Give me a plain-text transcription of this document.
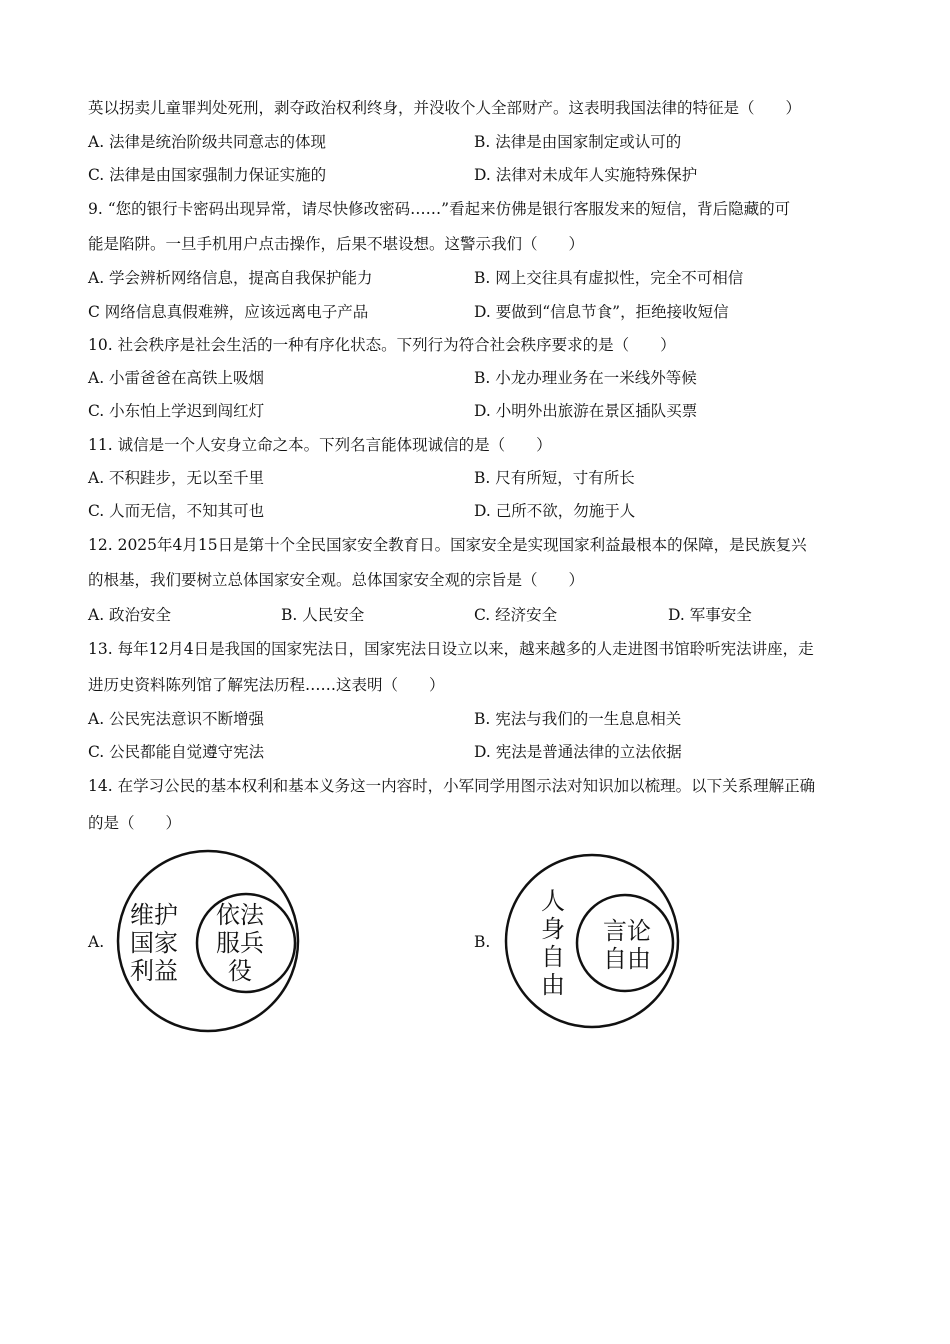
英以拐卖儿童罪判处死刑，剥夺政治权利终身，并没收个人全部财产。这表明我国法律的特征是（　　）
A. 法律是统治阶级共同意志的体现	B. 法律是由国家制定或认可的
C. 法律是由国家强制力保证实施的	D. 法律对未成年人实施特殊保护
9. “您的银行卡密码出现异常，请尽快修改密码……”看起来仿佛是银行客服发来的短信，背后隐藏的可
能是陷阱。一旦手机用户点击操作，后果不堪设想。这警示我们（　　）
A. 学会辨析网络信息，提高自我保护能力	B. 网上交往具有虚拟性，完全不可相信
C 网络信息真假难辨，应该远离电子产品	D. 要做到“信息节食”，拒绝接收短信
10. 社会秩序是社会生活的一种有序化状态。下列行为符合社会秩序要求的是（　　）
A. 小雷爸爸在高铁上吸烟	B. 小龙办理业务在一米线外等候
C. 小东怕上学迟到闯红灯	D. 小明外出旅游在景区插队买票
11. 诚信是一个人安身立命之本。下列名言能体现诚信的是（　　）
A. 不积跬步，无以至千里	B. 尺有所短，寸有所长
C. 人而无信，不知其可也	D. 己所不欲，勿施于人
12. 2025年4月15日是第十个全民国家安全教育日。国家安全是实现国家利益最根本的保障，是民族复兴
的根基，我们要树立总体国家安全观。总体国家安全观的宗旨是（　　）
A. 政治安全	B. 人民安全	C. 经济安全	D. 军事安全
13. 每年12月4日是我国的国家宪法日，国家宪法日设立以来，越来越多的人走进图书馆聆听宪法讲座，走
进历史资料陈列馆了解宪法历程……这表明（　　）
A. 公民宪法意识不断增强	B. 宪法与我们的一生息息相关
C. 公民都能自觉遵守宪法	D. 宪法是普通法律的立法依据
14. 在学习公民的基本权利和基本义务这一内容时，小军同学用图示法对知识加以梳理。以下关系理解正确
的是（　　）
A.
维护
国家
利益
依法
服兵
役
B.
人
身
自
由
言论
自由
